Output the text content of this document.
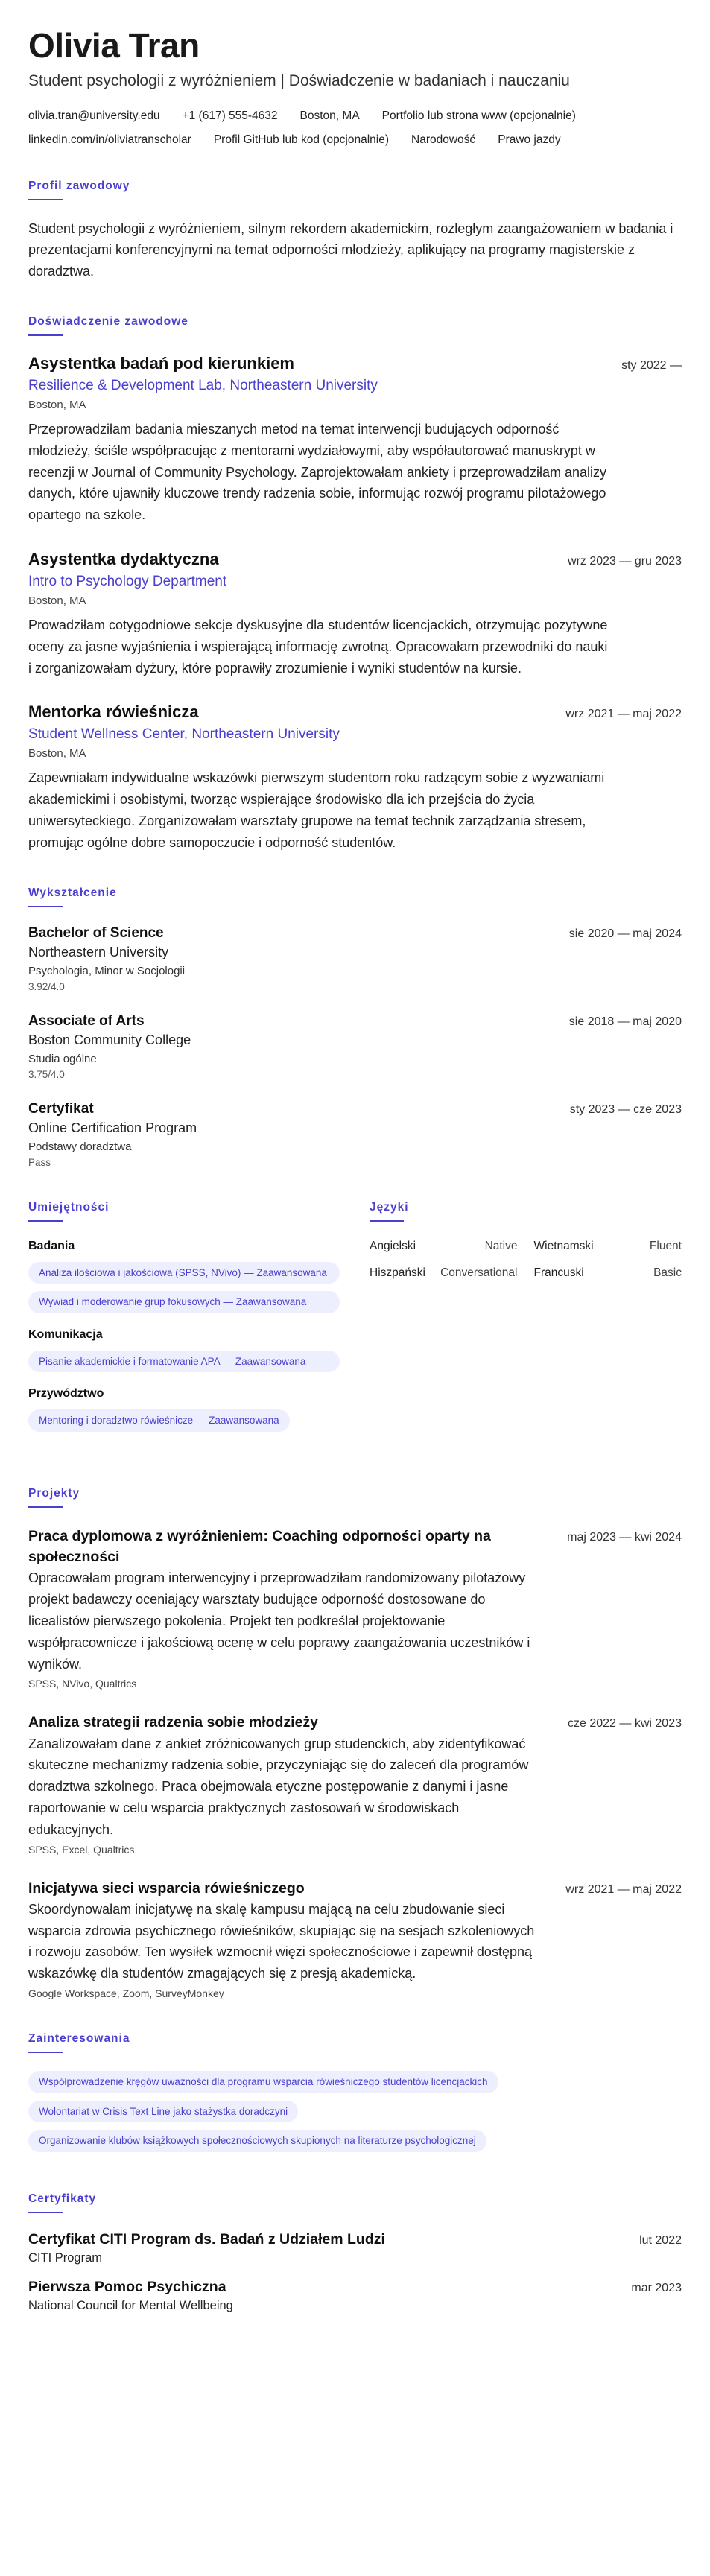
Olivia Tran
Student psychologii z wyróżnieniem | Doświadczenie w badaniach i nauczaniu
olivia.tran@university.edu +1 (617) 555-4632 Boston, MA Portfolio lub strona www (opcjonalnie)
linkedin.com/in/oliviatranscholar Profil GitHub lub kod (opcjonalnie) Narodowość Prawo jazdy
Profil zawodowy
Student psychologii z wyróżnieniem, silnym rekordem akademickim, rozległym zaangażowaniem w badania i prezentacjami konferencyjnymi na temat odporności młodzieży, aplikujący na programy magisterskie z doradztwa.
Doświadczenie zawodowe
Asystentka badań pod kierunkiem	sty 2022 —
Resilience & Development Lab, Northeastern University
Boston, MA
Przeprowadziłam badania mieszanych metod na temat interwencji budujących odporność młodzieży, ściśle współpracując z mentorami wydziałowymi, aby współautorować manuskrypt w recenzji w Journal of Community Psychology. Zaprojektowałam ankiety i przeprowadziłam analizy danych, które ujawniły kluczowe trendy radzenia sobie, informując rozwój programu pilotażowego opartego na szkole.
Asystentka dydaktyczna	wrz 2023 — gru 2023
Intro to Psychology Department
Boston, MA
Prowadziłam cotygodniowe sekcje dyskusyjne dla studentów licencjackich, otrzymując pozytywne oceny za jasne wyjaśnienia i wspierającą informację zwrotną. Opracowałam przewodniki do nauki i zorganizowałam dyżury, które poprawiły zrozumienie i wyniki studentów na kursie.
Mentorka rówieśnicza	wrz 2021 — maj 2022
Student Wellness Center, Northeastern University
Boston, MA
Zapewniałam indywidualne wskazówki pierwszym studentom roku radzącym sobie z wyzwaniami akademickimi i osobistymi, tworząc wspierające środowisko dla ich przejścia do życia uniwersyteckiego. Zorganizowałam warsztaty grupowe na temat technik zarządzania stresem, promując ogólne dobre samopoczucie i odporność studentów.
Wykształcenie
Bachelor of Science	sie 2020 — maj 2024
Northeastern University
Psychologia, Minor w Socjologii
3.92/4.0
Associate of Arts	sie 2018 — maj 2020
Boston Community College
Studia ogólne
3.75/4.0
Certyfikat	sty 2023 — cze 2023
Online Certification Program
Podstawy doradztwa
Pass
Umiejętności
Badania
Analiza ilościowa i jakościowa (SPSS, NVivo) — Zaawansowana
Wywiad i moderowanie grup fokusowych — Zaawansowana
Komunikacja
Pisanie akademickie i formatowanie APA — Zaawansowana
Przywództwo
Mentoring i doradztwo rówieśnicze — Zaawansowana
Języki
Angielski	Native Wietnamski	Fluent
Hiszpański Conversational Francuski	Basic
Projekty
Praca dyplomowa z wyróżnieniem: Coaching odporności oparty na społeczności
maj 2023 — kwi 2024
Opracowałam program interwencyjny i przeprowadziłam randomizowany pilotażowy projekt badawczy oceniający warsztaty budujące odporność dostosowane do licealistów pierwszego pokolenia. Projekt ten podkreślał projektowanie współpracownicze i jakościową ocenę w celu poprawy zaangażowania uczestników i wyników.
SPSS, NVivo, Qualtrics
Analiza strategii radzenia sobie młodzieży	cze 2022 — kwi 2023
Zanalizowałam dane z ankiet zróżnicowanych grup studenckich, aby zidentyfikować skuteczne mechanizmy radzenia sobie, przyczyniając się do zaleceń dla programów doradztwa szkolnego. Praca obejmowała etyczne postępowanie z danymi i jasne raportowanie w celu wsparcia praktycznych zastosowań w środowiskach edukacyjnych.
SPSS, Excel, Qualtrics
Inicjatywa sieci wsparcia rówieśniczego	wrz 2021 — maj 2022
Skoordynowałam inicjatywę na skalę kampusu mającą na celu zbudowanie sieci wsparcia zdrowia psychicznego rówieśników, skupiając się na sesjach szkoleniowych i rozwoju zasobów. Ten wysiłek wzmocnił więzi społecznościowe i zapewnił dostępną wskazówkę dla studentów zmagających się z presją akademicką.
Google Workspace, Zoom, SurveyMonkey
Zainteresowania
Współprowadzenie kręgów uważności dla programu wsparcia rówieśniczego studentów licencjackich
Wolontariat w Crisis Text Line jako stażystka doradczyni
Organizowanie klubów książkowych społecznościowych skupionych na literaturze psychologicznej
Certyfikaty
Certyfikat CITI Program ds. Badań z Udziałem Ludzi	lut 2022
CITI Program
Pierwsza Pomoc Psychiczna	mar 2023
National Council for Mental Wellbeing
